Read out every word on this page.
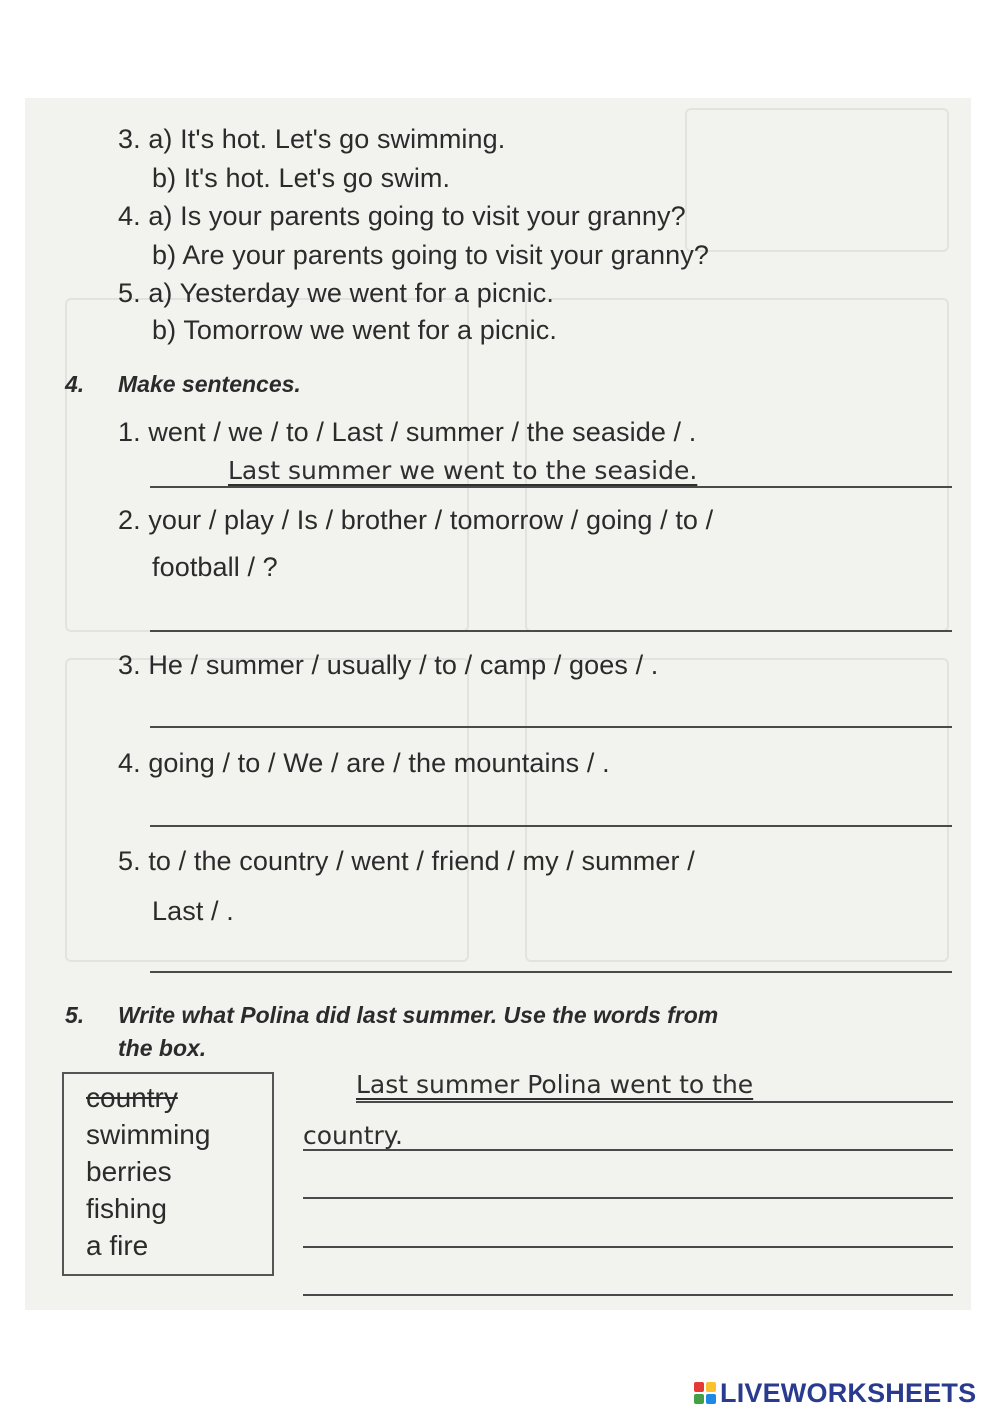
3. a) It's hot. Let's go swimming.
b) It's hot. Let's go swim.
4. a) Is your parents going to visit your granny?
b) Are your parents going to visit your granny?
5. a) Yesterday we went for a picnic.
b) Tomorrow we went for a picnic.
4. Make sentences.
1. went / we / to / Last / summer / the seaside / .
Last summer we went to the seaside.
2. your / play / Is / brother / tomorrow / going / to /
football / ?
3. He / summer / usually / to / camp / goes / .
4. going / to / We / are / the mountains / .
5. to / the country / went / friend / my / summer /
Last / .
5. Write what Polina did last summer. Use the words from
the box.
country
swimming
berries
fishing
a fire
Last summer Polina went to the
country.
LIVEWORKSHEETS
